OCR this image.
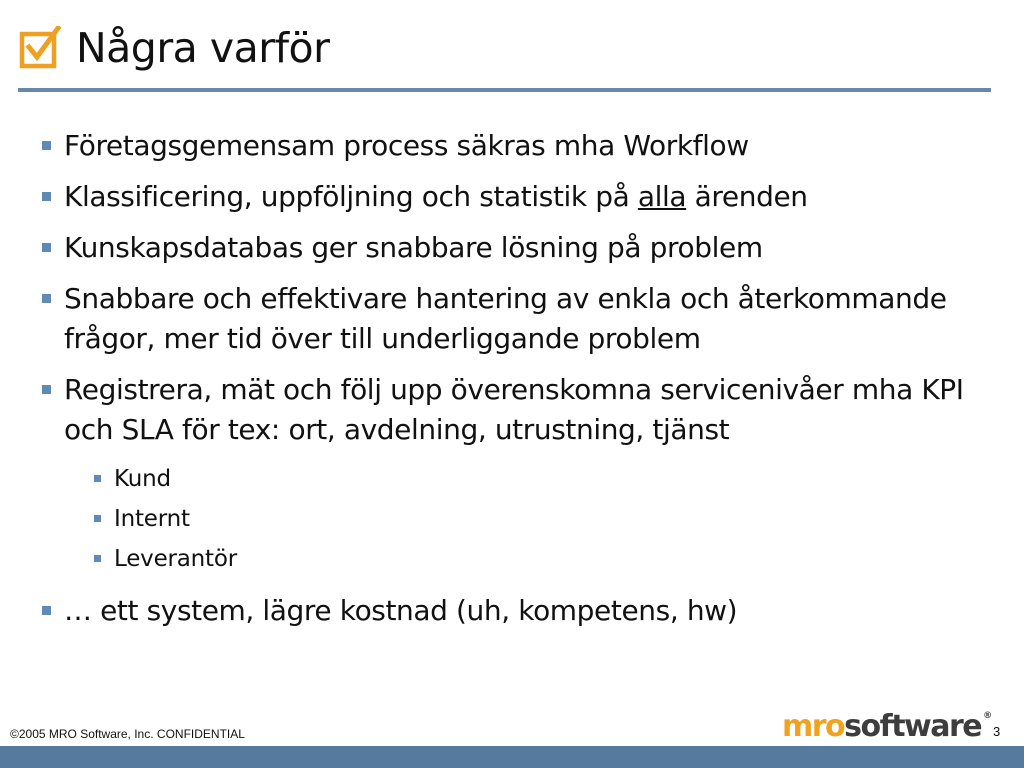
Några varför
Företagsgemensam process säkras mha Workflow
Klassificering, uppföljning och statistik på alla ärenden
Kunskapsdatabas ger snabbare lösning på problem
Snabbare och effektivare hantering av enkla och återkommande frågor, mer tid över till underliggande problem
Registrera, mät och följ upp överenskomna servicenivåer mha KPI och SLA för tex: ort, avdelning, utrustning, tjänst
Kund
Internt
Leverantör
… ett system, lägre kostnad (uh, kompetens, hw)
©2005 MRO Software, Inc. CONFIDENTIAL	mrosoftware ®
3
